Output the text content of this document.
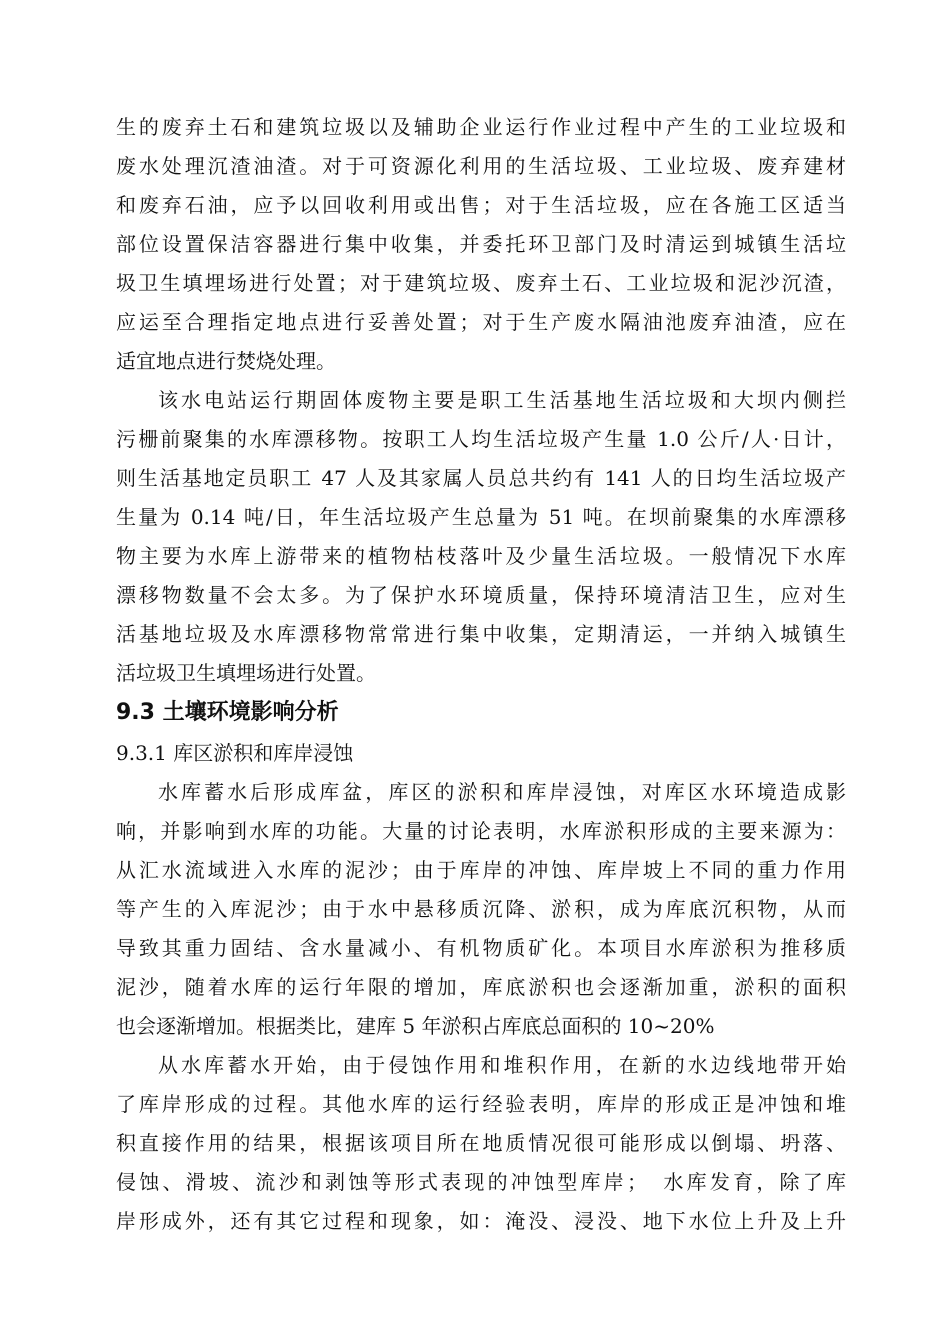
生的废弃土石和建筑垃圾以及辅助企业运行作业过程中产生的工业垃圾和
废水处理沉渣油渣。对于可资源化利用的生活垃圾、工业垃圾、废弃建材
和废弃石油，应予以回收利用或出售；对于生活垃圾，应在各施工区适当
部位设置保洁容器进行集中收集，并委托环卫部门及时清运到城镇生活垃
圾卫生填埋场进行处置；对于建筑垃圾、废弃土石、工业垃圾和泥沙沉渣，
应运至合理指定地点进行妥善处置；对于生产废水隔油池废弃油渣，应在
适宜地点进行焚烧处理。
该水电站运行期固体废物主要是职工生活基地生活垃圾和大坝内侧拦
污栅前聚集的水库漂移物。按职工人均生活垃圾产生量 1.0 公斤/人·日计，
则生活基地定员职工 47 人及其家属人员总共约有 141 人的日均生活垃圾产
生量为 0.14 吨/日，年生活垃圾产生总量为 51 吨。在坝前聚集的水库漂移
物主要为水库上游带来的植物枯枝落叶及少量生活垃圾。一般情况下水库
漂移物数量不会太多。为了保护水环境质量，保持环境清洁卫生，应对生
活基地垃圾及水库漂移物常常进行集中收集，定期清运，一并纳入城镇生
活垃圾卫生填埋场进行处置。
9.3 土壤环境影响分析
9.3.1 库区淤积和库岸浸蚀
水库蓄水后形成库盆，库区的淤积和库岸浸蚀，对库区水环境造成影
响，并影响到水库的功能。大量的讨论表明，水库淤积形成的主要来源为：
从汇水流域进入水库的泥沙；由于库岸的冲蚀、库岸坡上不同的重力作用
等产生的入库泥沙；由于水中悬移质沉降、淤积，成为库底沉积物，从而
导致其重力固结、含水量减小、有机物质矿化。本项目水库淤积为推移质
泥沙，随着水库的运行年限的增加，库底淤积也会逐渐加重，淤积的面积
也会逐渐增加。根据类比，建库 5 年淤积占库底总面积的 10~20%
从水库蓄水开始，由于侵蚀作用和堆积作用，在新的水边线地带开始
了库岸形成的过程。其他水库的运行经验表明，库岸的形成正是冲蚀和堆
积直接作用的结果，根据该项目所在地质情况很可能形成以倒塌、坍落、
侵蚀、滑坡、流沙和剥蚀等形式表现的冲蚀型库岸；　水库发育，除了库
岸形成外，还有其它过程和现象，如：淹没、浸没、地下水位上升及上升
